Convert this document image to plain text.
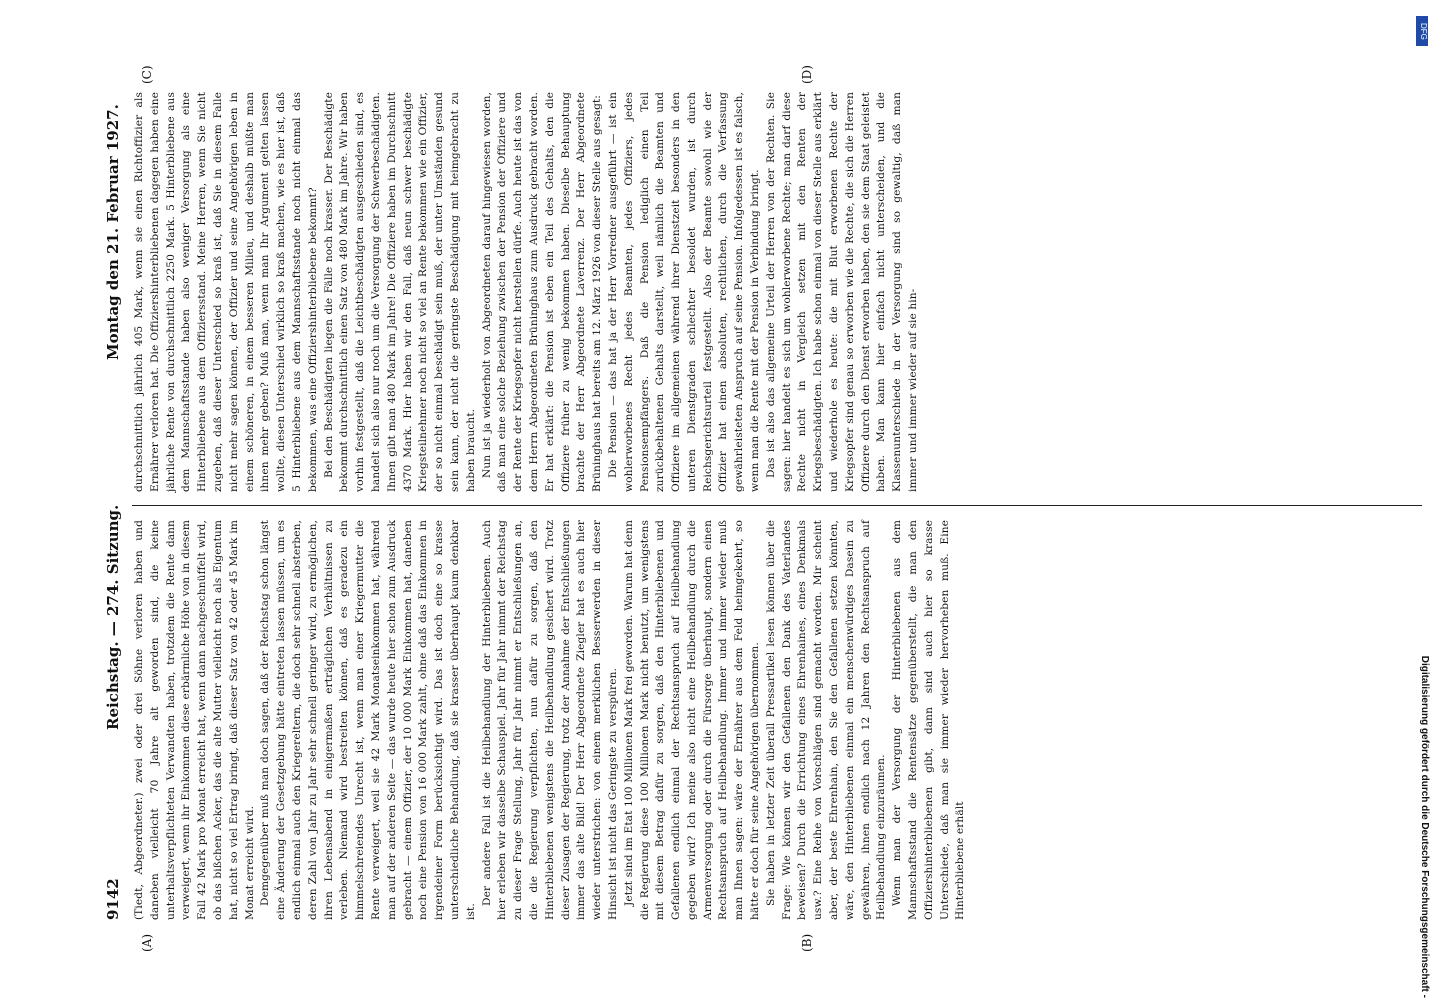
9142
Reichstag. — 274. Sitzung.
Montag den 21. Februar 1927.

(Tiedt, Abgeordneter.) zwei oder drei Söhne verloren haben und daneben vielleicht 70 Jahre alt geworden sind, die keine unterhaltsverpflichteten Verwandten haben, trotzdem die Rente dann verweigert, wenn ihr Einkommen diese erbärmliche Höhe von in diesem Fall 42 Mark pro Monat erreicht hat, wenn dann nachgeschnüffelt wird, ob das bißchen Acker, das die alte Mutter vielleicht noch als Eigentum hat, nicht so viel Ertrag bringt, daß dieser Satz von 42 oder 45 Mark im Monat erreicht wird. Demgegenüber muß man doch sagen, daß der Reichstag schon längst eine Änderung der Gesetzgebung hätte eintreten lassen müssen, um es endlich einmal auch den Kriegereltern, die doch sehr schnell absterben, deren Zahl von Jahr zu Jahr sehr schnell geringer wird, zu ermöglichen, ihren Lebensabend in einigermaßen erträglichen Verhältnissen zu verleben. Niemand wird bestreiten können, daß es geradezu ein himmelschreiendes Unrecht ist, wenn man einer Kriegermutter die Rente verweigert, weil sie 42 Mark Monatseinkommen hat, während man auf der anderen Seite — das wurde heute hier schon zum Ausdruck gebracht — einem Offizier, der 10 000 Mark Einkommen hat, daneben noch eine Pension von 16 000 Mark zahlt, ohne daß das Einkommen in irgendeiner Form berücksichtigt wird. Das ist doch eine so krasse unterschiedliche Behandlung, daß sie krasser überhaupt kaum denkbar ist.

Der andere Fall ist die Heilbehandlung der Hinterbliebenen. Auch hier erleben wir dasselbe Schauspiel. Jahr für Jahr nimmt der Reichstag zu dieser Frage Stellung, Jahr für Jahr nimmt er Entschließungen an, die die Regierung verpflichten, nun dafür zu sorgen, daß den Hinterbliebenen wenigstens die Heilbehandlung gesichert wird. Trotz dieser Zusagen der Regierung, trotz der Annahme der Entschließungen immer das alte Bild! Der Herr Abgeordnete Ziegler hat es auch hier wieder unterstrichen: von einem merklichen Besserwerden in dieser Hinsicht ist nicht das Geringste zu verspüren. Jetzt sind im Etat 100 Millionen Mark frei geworden. Warum hat denn die Regierung diese 100 Millionen Mark nicht benutzt, um wenigstens mit diesem Betrag dafür zu sorgen, daß den Hinterbliebenen und Gefallenen endlich einmal der Rechtsanspruch auf Heilbehandlung gegeben wird? Ich meine also nicht eine Heilbehandlung durch die Armenversorgung oder durch die Fürsorge überhaupt, sondern einen Rechtsanspruch auf Heilbehandlung. Immer und immer wieder muß man Ihnen sagen: wäre der Ernährer aus dem Feld heimgekehrt, so hätte er doch für seine Angehörigen übernommen. Sie haben in letzter Zeit überall Pressartikel lesen können über die Frage: Wie können wir den Gefallenen den Dank des Vaterlandes beweisen? Durch die Errichtung eines Ehrenhaines, eines Denkmals usw.? Eine Reihe von Vorschlägen sind gemacht worden. Mir scheint aber, der beste Ehrenhain, den Sie den Gefallenen setzen könnten, wäre, den Hinterbliebenen einmal ein menschenwürdiges Dasein zu gewähren, ihnen endlich nach 12 Jahren den Rechtsanspruch auf Heilbehandlung einzuräumen. Wenn man der Versorgung der Hinterbliebenen aus dem Mannschaftsstand die Rentensätze gegenüberstellt, die man den Offiziershinterbliebenen gibt, dann sind auch hier so krasse Unterschiede, daß man sie immer wieder hervorheben muß. Eine Hinterbliebene erhält

durchschnittlich jährlich 405 Mark, wenn sie einen Richtoffizier als Ernährer verloren hat. Die Offiziershinterbliebenen dagegen haben eine jährliche Rente von durchschnittlich 2250 Mark. 5 Hinterbliebene aus dem Mannschaftsstande haben also weniger Versorgung als eine Hinterbliebene aus dem Offiziersstand. Meine Herren, wenn Sie nicht zugeben, daß dieser Unterschied so kraß ist, daß Sie in diesem Falle nicht mehr sagen können, der Offizier und seine Angehörigen leben in einem schöneren, in einem besseren Milieu, und deshalb müßte man ihnen mehr geben? Muß man, wenn man Ihr Argument gelten lassen wollte, diesen Unterschied wirklich so kraß machen, wie es hier ist, daß 5 Hinterbliebene aus dem Mannschaftsstande noch nicht einmal das bekommen, was eine Offiziershinterbliebene bekommt? Bei den Beschädigten liegen die Fälle noch krasser. Der Beschädigte bekommt durchschnittlich einen Satz von 480 Mark im Jahre. Wir haben vorhin festgestellt, daß die Leichtbeschädigten ausgeschieden sind, es handelt sich also nur noch um die Versorgung der Schwerbeschädigten. Ihnen gibt man 480 Mark im Jahre! Die Offiziere haben im Durchschnitt 4370 Mark. Hier haben wir den Fall, daß neun schwer beschädigte Kriegsteilnehmer noch nicht so viel an Rente bekommen wie ein Offizier, der so nicht einmal beschädigt sein muß, der unter Umständen gesund sein kann, der nicht die geringste Beschädigung mit heimgebracht zu haben braucht. Nun ist ja wiederholt von Abgeordneten darauf hingewiesen worden, daß man eine solche Beziehung zwischen der Pension der Offiziere und der Rente der Kriegsopfer nicht herstellen dürfe. Auch heute ist das von dem Herrn Abgeordneten Brüninghaus zum Ausdruck gebracht worden. Er hat erklärt: die Pension ist eben ein Teil des Gehalts, den die Offiziere früher zu wenig bekommen haben. Dieselbe Behauptung brachte der Herr Abgeordnete Laverrenz. Der Herr Abgeordnete Brüninghaus hat bereits am 12. März 1926 von dieser Stelle aus gesagt: Die Pension — das hat ja der Herr Vorredner ausgeführt — ist ein wohlerworbenes Recht jedes Beamten, jedes Offiziers, jedes Pensionsempfängers. Daß die Pension lediglich einen Teil zurückbehaltenen Gehalts darstellt, weil nämlich die Beamten und Offiziere im allgemeinen während ihrer Dienstzeit besonders in den unteren Dienstgraden schlechter besoldet wurden, ist durch Reichsgerichtsurteil festgestellt. Also der Beamte sowohl wie der Offizier hat einen absoluten, rechtlichen, durch die Verfassung gewährleisteten Anspruch auf seine Pension. Infolgedessen ist es falsch, wenn man die Rente mit der Pension in Verbindung bringt. Das ist also das allgemeine Urteil der Herren von der Rechten. Sie sagen: hier handelt es sich um wohlerworbene Rechte; man darf diese Rechte nicht in Vergleich setzen mit den Renten der Kriegsbeschädigten. Ich habe schon einmal von dieser Stelle aus erklärt und wiederhole es heute: die mit Blut erworbenen Rechte der Kriegsopfer sind genau so erworben wie die Rechte, die sich die Herren Offiziere durch den Dienst erworben haben, den sie dem Staat geleistet haben. Man kann hier einfach nicht unterscheiden, und die Klassenunterschiede in der Versorgung sind so gewaltig, daß man immer und immer wieder auf sie hin-

(A)	(B)
(C)	(D)
Digitalisierung gefördert durch die Deutsche Forschungsgemeinschaft -
DFG
